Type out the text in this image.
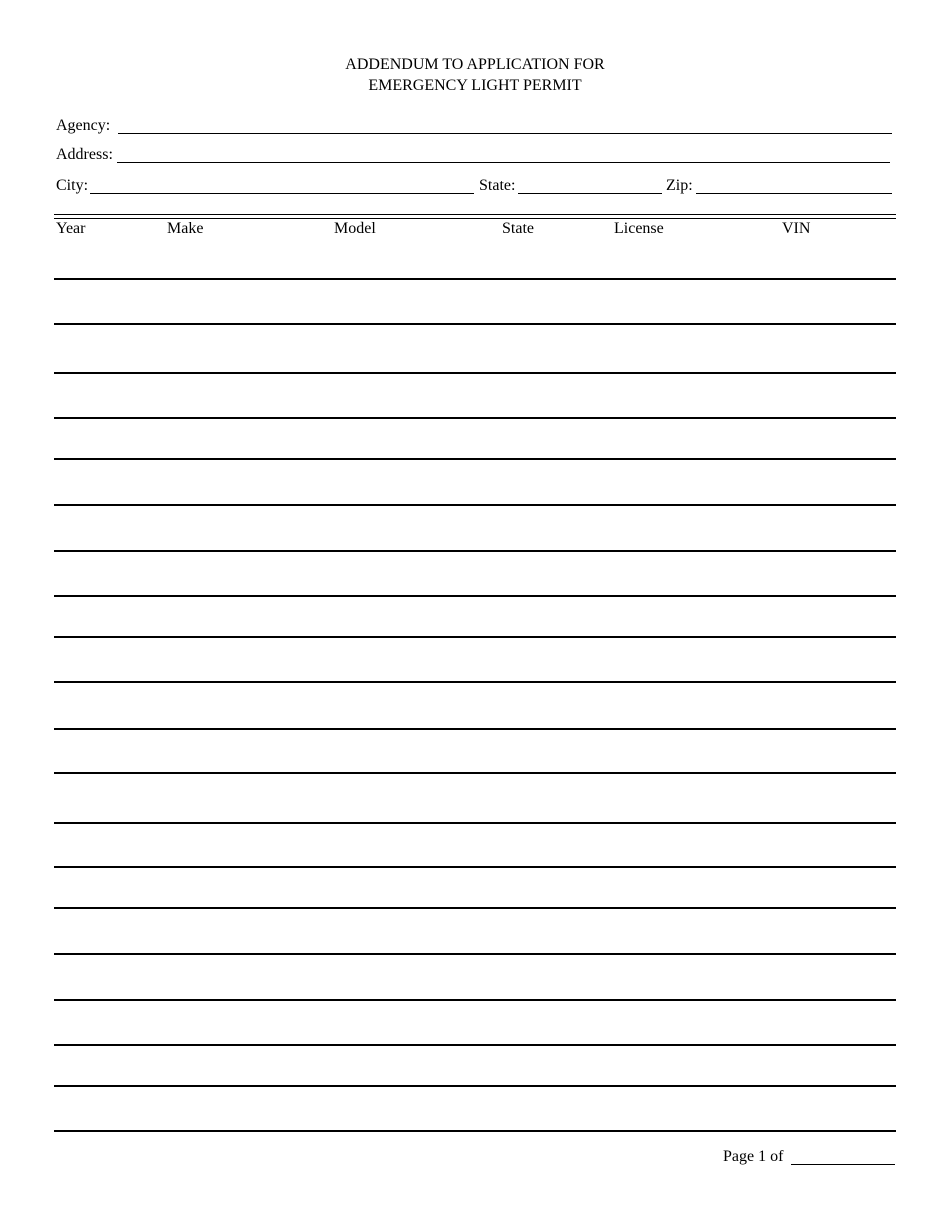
ADDENDUM TO APPLICATION FOR
EMERGENCY LIGHT PERMIT
Agency:
Address:
City:	State:	Zip:
Year	Make	Model	State	License	VIN
Page 1 of
